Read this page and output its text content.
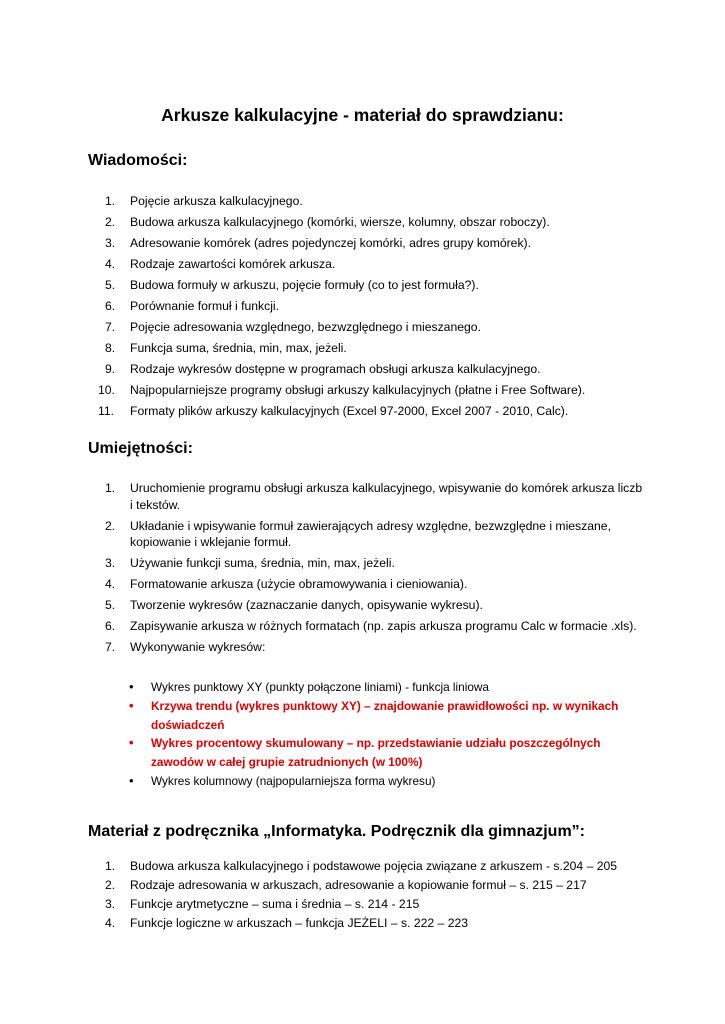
Arkusze kalkulacyjne - materiał do sprawdzianu:
Wiadomości:
1. Pojęcie arkusza kalkulacyjnego.
2. Budowa arkusza kalkulacyjnego (komórki, wiersze, kolumny, obszar roboczy).
3. Adresowanie komórek (adres pojedynczej komórki, adres grupy komórek).
4. Rodzaje zawartości komórek arkusza.
5. Budowa formuły w arkuszu, pojęcie formuły (co to jest formuła?).
6. Porównanie formuł i funkcji.
7. Pojęcie adresowania względnego, bezwzględnego i mieszanego.
8. Funkcja suma, średnia, min, max, jeżeli.
9. Rodzaje wykresów dostępne w programach obsługi arkusza kalkulacyjnego.
10. Najpopularniejsze programy obsługi arkuszy kalkulacyjnych (płatne i Free Software).
11. Formaty plików arkuszy kalkulacyjnych (Excel 97-2000, Excel 2007 - 2010, Calc).
Umiejętności:
1. Uruchomienie programu obsługi arkusza kalkulacyjnego, wpisywanie do komórek arkusza liczb i tekstów.
2. Układanie i wpisywanie formuł zawierających adresy względne, bezwzględne i mieszane, kopiowanie i wklejanie formuł.
3. Używanie funkcji suma, średnia, min, max, jeżeli.
4. Formatowanie arkusza (użycie obramowywania i cieniowania).
5. Tworzenie wykresów (zaznaczanie danych, opisywanie wykresu).
6. Zapisywanie arkusza w różnych formatach (np. zapis arkusza programu Calc w formacie .xls).
7. Wykonywanie wykresów:
• Wykres punktowy XY (punkty połączone liniami) - funkcja liniowa
• Krzywa trendu (wykres punktowy XY) – znajdowanie prawidłowości np. w wynikach doświadczeń
• Wykres procentowy skumulowany – np. przedstawianie udziału poszczególnych zawodów w całej grupie zatrudnionych (w 100%)
• Wykres kolumnowy (najpopularniejsza forma wykresu)
Materiał z podręcznika „Informatyka. Podręcznik dla gimnazjum”:
1. Budowa arkusza kalkulacyjnego i podstawowe pojęcia związane z arkuszem - s.204 – 205
2. Rodzaje adresowania w arkuszach, adresowanie a kopiowanie formuł – s. 215 – 217
3. Funkcje arytmetyczne – suma i średnia – s. 214 - 215
4. Funkcje logiczne w arkuszach – funkcja JEŻELI – s. 222 – 223
